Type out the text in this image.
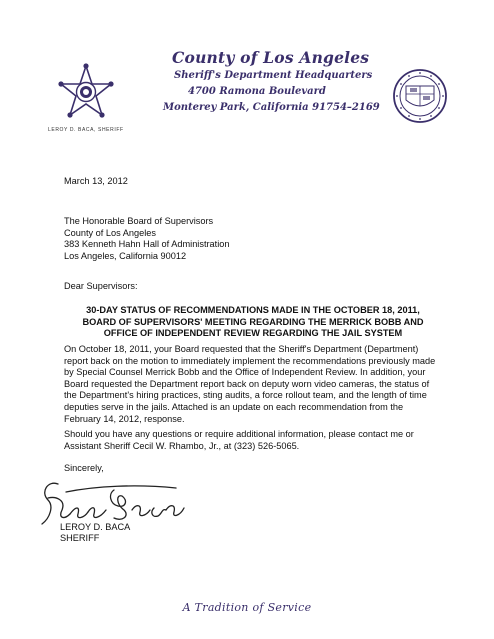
LEROY D. BACA, SHERIFF
County of Los Angeles
Sheriff's Department Headquarters
4700 Ramona Boulevard
Monterey Park, California 91754–2169
March 13, 2012
The Honorable Board of Supervisors
County of Los Angeles
383 Kenneth Hahn Hall of Administration
Los Angeles, California 90012
Dear Supervisors:
30-DAY STATUS OF RECOMMENDATIONS MADE IN THE OCTOBER 18, 2011, BOARD OF SUPERVISORS' MEETING REGARDING THE MERRICK BOBB AND OFFICE OF INDEPENDENT REVIEW REGARDING THE JAIL SYSTEM
On October 18, 2011, your Board requested that the Sheriff's Department (Department) report back on the motion to immediately implement the recommendations previously made by Special Counsel Merrick Bobb and the Office of Independent Review. In addition, your Board requested the Department report back on deputy worn video cameras, the status of the Department's hiring practices, sting audits, a force rollout team, and the length of time deputies serve in the jails. Attached is an update on each recommendation from the February 14, 2012, response.
Should you have any questions or require additional information, please contact me or Assistant Sheriff Cecil W. Rhambo, Jr., at (323) 526-5065.
Sincerely,
LEROY D. BACA
SHERIFF
A Tradition of Service
